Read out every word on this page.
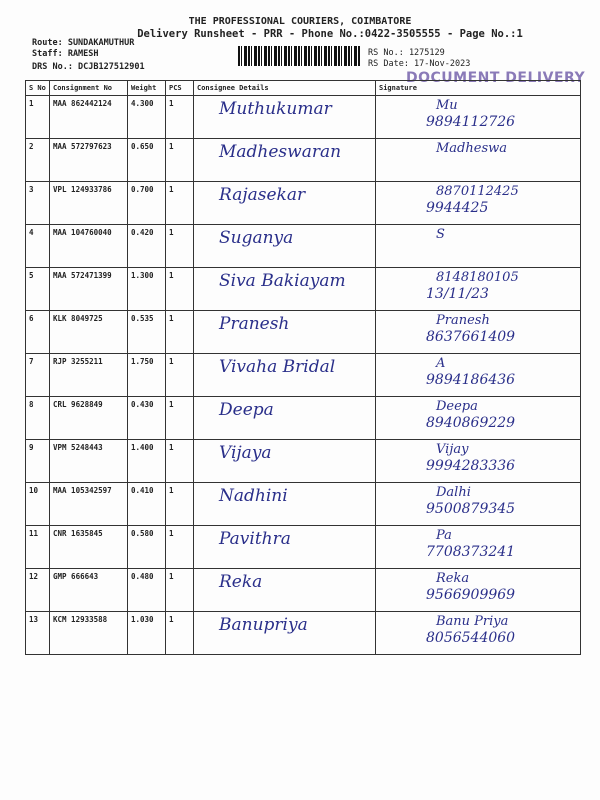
THE PROFESSIONAL COURIERS, COIMBATORE
Delivery Runsheet - PRR - Phone No.:0422-3505555 - Page No.:1
Route: SUNDAKAMUTHUR
Staff: RAMESH
DRS No.: DCJB127512901
RS No.: 1275129
RS Date: 17-Nov-2023
DOCUMENT DELIVERY
S No	Consignment No	Weight	PCS	Consignee Details	Signature
1	MAA 862442124	4.300	1	Muthukumar	Mu
9894112726

2	MAA 572797623	0.650	1	Madheswaran	Madheswa

3	VPL 124933786	0.700	1	Rajasekar	8870112425
9944425

4	MAA 104760040	0.420	1	Suganya	S

5	MAA 572471399	1.300	1	Siva Bakiayam	8148180105
13/11/23

6	KLK 8049725	0.535	1	Pranesh	Pranesh
8637661409

7	RJP 3255211	1.750	1	Vivaha Bridal	A
9894186436

8	CRL 9628849	0.430	1	Deepa	Deepa
8940869229

9	VPM 5248443	1.400	1	Vijaya	Vijay
9994283336

10	MAA 105342597	0.410	1	Nadhini	Dalhi
9500879345

11	CNR 1635845	0.580	1	Pavithra	Pa
7708373241

12	GMP 666643	0.480	1	Reka	Reka
9566909969

13	KCM 12933588	1.030	1	Banupriya	Banu Priya
8056544060
